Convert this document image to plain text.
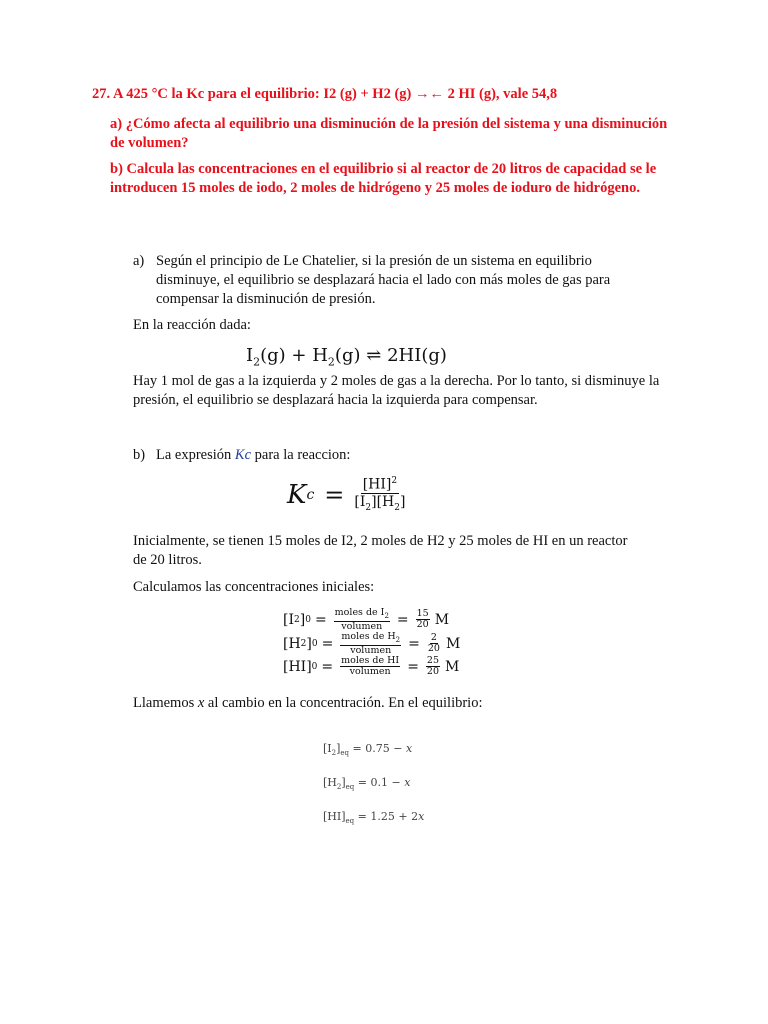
27. A 425 °C la Kc para el equilibrio: I2 (g) + H2 (g) →← 2 HI (g), vale 54,8
a) ¿Cómo afecta al equilibrio una disminución de la presión del sistema y una disminución de volumen?
b) Calcula las concentraciones en el equilibrio si al reactor de 20 litros de capacidad se le introducen 15 moles de iodo, 2 moles de hidrógeno y 25 moles de ioduro de hidrógeno.
a) Según el principio de Le Chatelier, si la presión de un sistema en equilibrio disminuye, el equilibrio se desplazará hacia el lado con más moles de gas para compensar la disminución de presión.
En la reacción dada:
$I_2(g) + H_2(g)$ ⇌ 2HI(g)
Hay 1 mol de gas a la izquierda y 2 moles de gas a la derecha. Por lo tanto, si disminuye la presión, el equilibrio se desplazará hacia la izquierda para compensar.
b) La expresión Kc para la reaccion:
K $c = \frac{[HI]^2}{[I_2][H_2]}$
Inicialmente, se tienen 15 moles de I2, 2 moles de H2 y 25 moles de HI en un reactor de 20 litros.
Calculamos las concentraciones iniciales:
[I 2 ] 0 = moles de $I_2$
volumen = $\frac{15}{20}$ M
[H 2 ] 0 = moles de $H_2$
volumen = $\frac{2}{20}$ M
[HI ] 0 = moles de HI
volumen = $\frac{25}{20}$ M
Llamemos x al cambio en la concentración. En el equilibrio:
$[I_2]_{eq} = 0.75 - x$
$[H_2]_{eq} = 0.1 - x$
$[HI]_{eq} = 1.25 + 2x$
